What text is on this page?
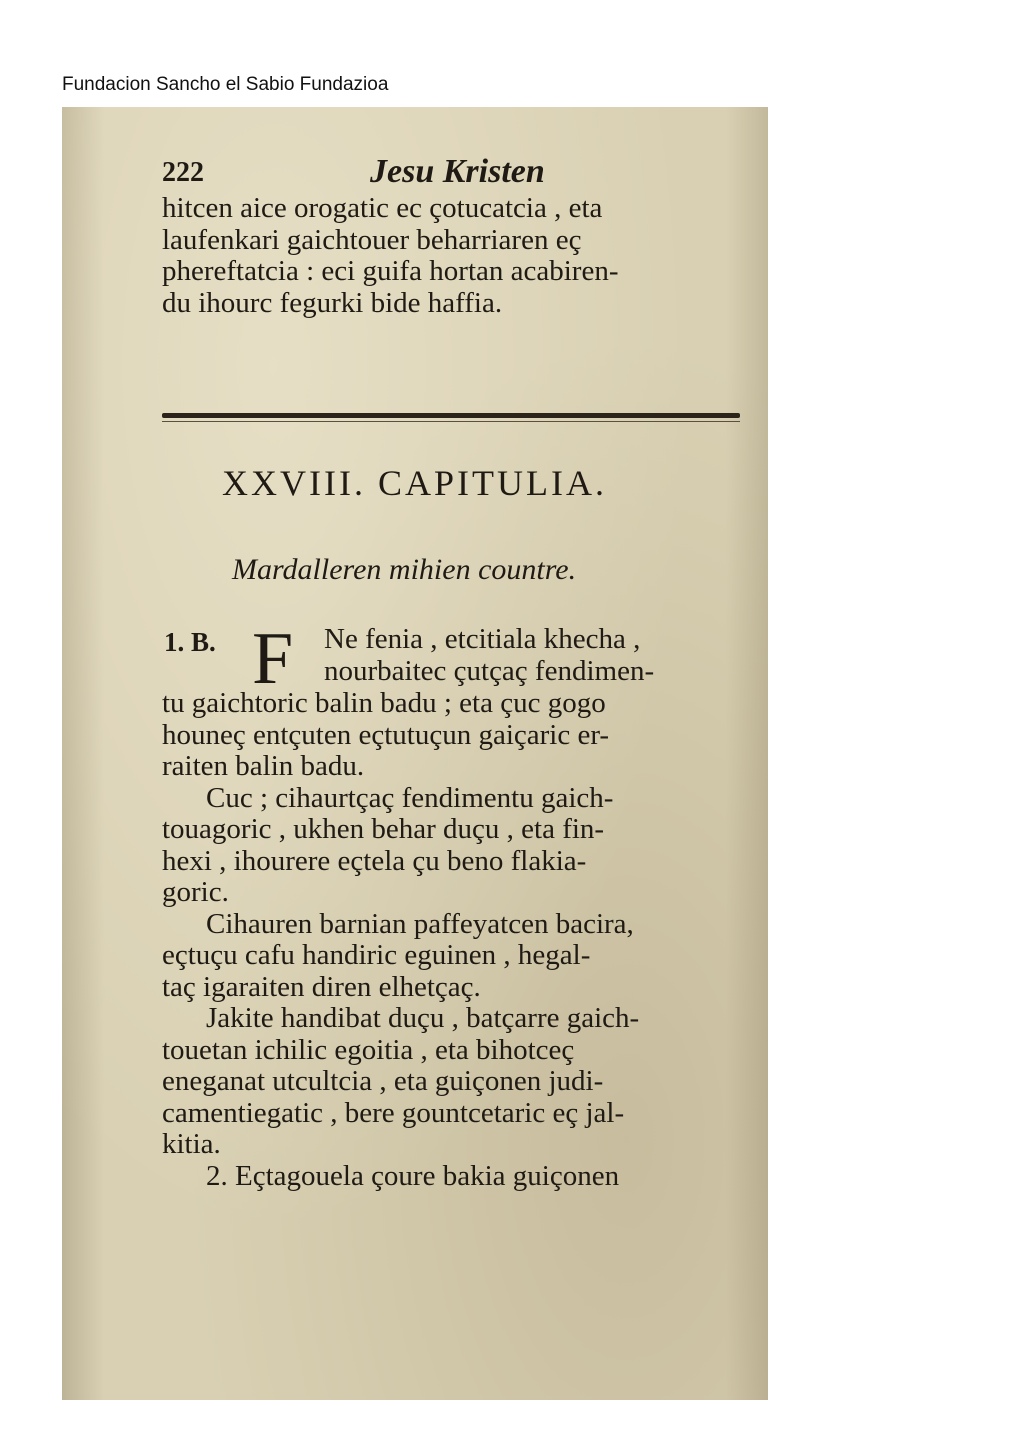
Fundacion Sancho el Sabio Fundazioa
222	Jesu Kristen
hitcen aice orogatic ec çotucatcia , eta
laufenkari gaichtouer beharriaren eç
phereftatcia : eci guifa hortan acabiren-
du ihourc fegurki bide haffia.
XXVIII. CAPITULIA.
Mardalleren mihien countre.
1. B. F Ne fenia , etcitiala khecha ,
nourbaitec çutçaç fendimen-
tu gaichtoric balin badu ; eta çuc gogo
houneç entçuten eçtutuçun gaiçaric er-
raiten balin badu.
Cuc ; cihaurtçaç fendimentu gaich-
touagoric , ukhen behar duçu , eta fin-
hexi , ihourere eçtela çu beno flakia-
goric.
Cihauren barnian paffeyatcen bacira,
eçtuçu cafu handiric eguinen , hegal-
taç igaraiten diren elhetçaç.
Jakite handibat duçu , batçarre gaich-
touetan ichilic egoitia , eta bihotceç
eneganat utcultcia , eta guiçonen judi-
camentiegatic , bere gountcetaric eç jal-
kitia.
2. Eçtagouela çoure bakia guiçonen
